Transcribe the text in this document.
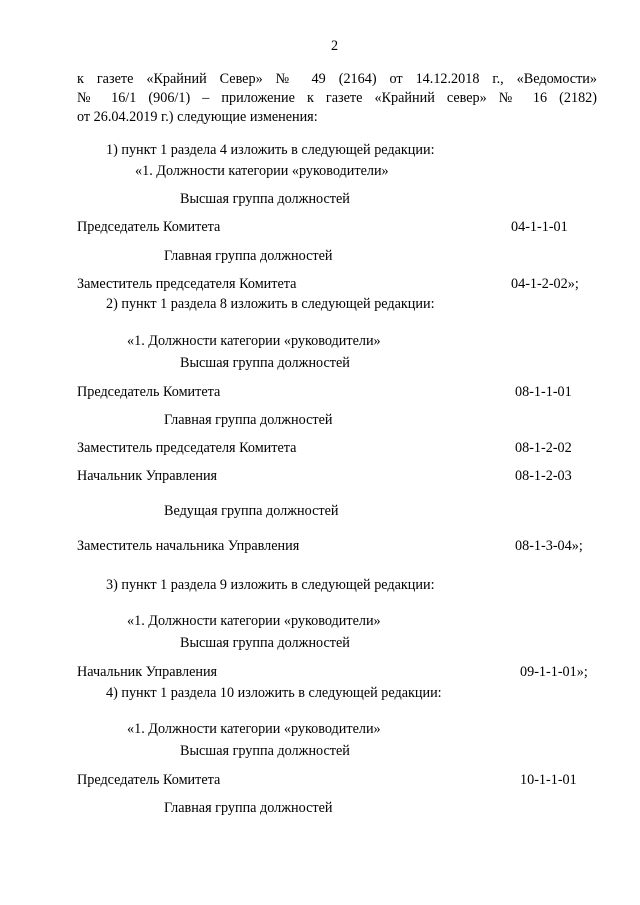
2
к газете «Крайний Север» № 49 (2164) от 14.12.2018 г., «Ведомости»
№ 16/1 (906/1) – приложение к газете «Крайний север» № 16 (2182)
от 26.04.2019 г.) следующие изменения:
1) пункт 1 раздела 4 изложить в следующей редакции:
«1. Должности категории «руководители»
Высшая группа должностей
Председатель Комитета	04-1-1-01
Главная группа должностей
Заместитель председателя Комитета	04-1-2-02»;
2) пункт 1 раздела 8 изложить в следующей редакции:
«1. Должности категории «руководители»
Высшая группа должностей
Председатель Комитета	08-1-1-01
Главная группа должностей
Заместитель председателя Комитета	08-1-2-02
Начальник Управления	08-1-2-03
Ведущая группа должностей
Заместитель начальника Управления	08-1-3-04»;
3) пункт 1 раздела 9 изложить в следующей редакции:
«1. Должности категории «руководители»
Высшая группа должностей
Начальник Управления	09-1-1-01»;
4) пункт 1 раздела 10 изложить в следующей редакции:
«1. Должности категории «руководители»
Высшая группа должностей
Председатель Комитета	10-1-1-01
Главная группа должностей
